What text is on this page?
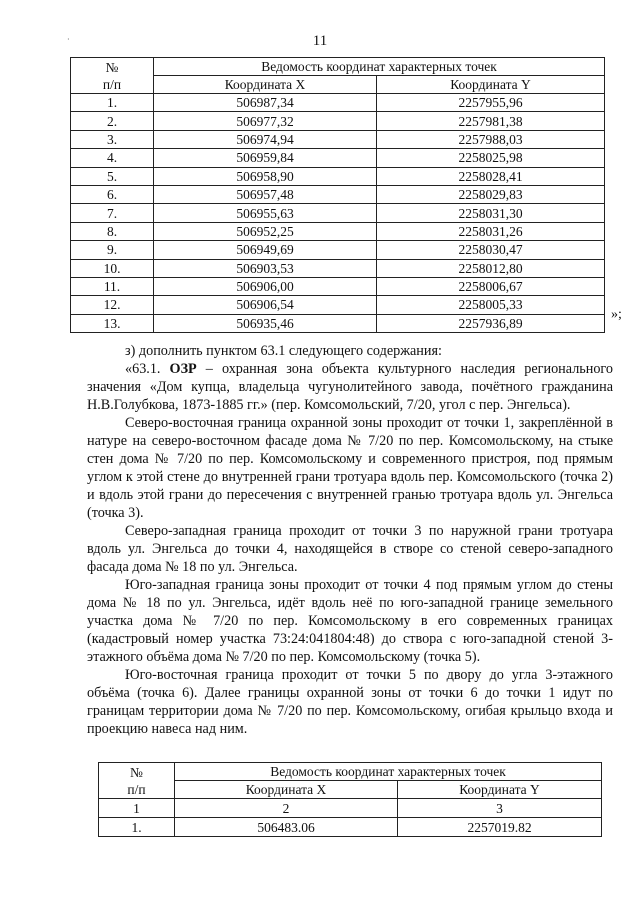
·	11
№
п/п	Ведомость координат характерных точек	
	Координата X	Координата Y
1.	506987,34	2257955,96
2.	506977,32	2257981,38
3.	506974,94	2257988,03
4.	506959,84	2258025,98
5.	506958,90	2258028,41
6.	506957,48	2258029,83
7.	506955,63	2258031,30
8.	506952,25	2258031,26
9.	506949,69	2258030,47
10.	506903,53	2258012,80
11.	506906,00	2258006,67
12.	506906,54	2258005,33
13.	506935,46	2257936,89
»;

з) дополнить пунктом 63.1 следующего содержания:

«63.1. ОЗР – охранная зона объекта культурного наследия регионального значения «Дом купца, владельца чугунолитейного завода, почётного гражданина Н.В.Голубкова, 1873-1885 гг.» (пер. Комсомольский, 7/20, угол с пер. Энгельса).

Северо-восточная граница охранной зоны проходит от точки 1, закреплённой в натуре на северо-восточном фасаде дома № 7/20 по пер. Комсомольскому, на стыке стен дома № 7/20 по пер. Комсомольскому и современного пристроя, под прямым углом к этой стене до внутренней грани тротуара вдоль пер. Комсомольского (точка 2) и вдоль этой грани до пересечения с внутренней гранью тротуара вдоль ул. Энгельса (точка 3).

Северо-западная граница проходит от точки 3 по наружной грани тротуара вдоль ул. Энгельса до точки 4, находящейся в створе со стеной северо-западного фасада дома № 18 по ул. Энгельса.

Юго-западная граница зоны проходит от точки 4 под прямым углом до стены дома № 18 по ул. Энгельса, идёт вдоль неё по юго-западной границе земельного участка дома № 7/20 по пер. Комсомольскому в его современных границах (кадастровый номер участка 73:24:041804:48) до створа с юго-западной стеной 3-этажного объёма дома № 7/20 по пер. Комсомольскому (точка 5).

Юго-восточная граница проходит от точки 5 по двору до угла 3-этажного объёма (точка 6). Далее границы охранной зоны от точки 6 до точки 1 идут по границам территории дома № 7/20 по пер. Комсомольскому, огибая крыльцо входа и проекцию навеса над ним.

№
п/п	Ведомость координат характерных точек	
	Координата X	Координата Y
1	2	3
1.	506483.06	2257019.82
